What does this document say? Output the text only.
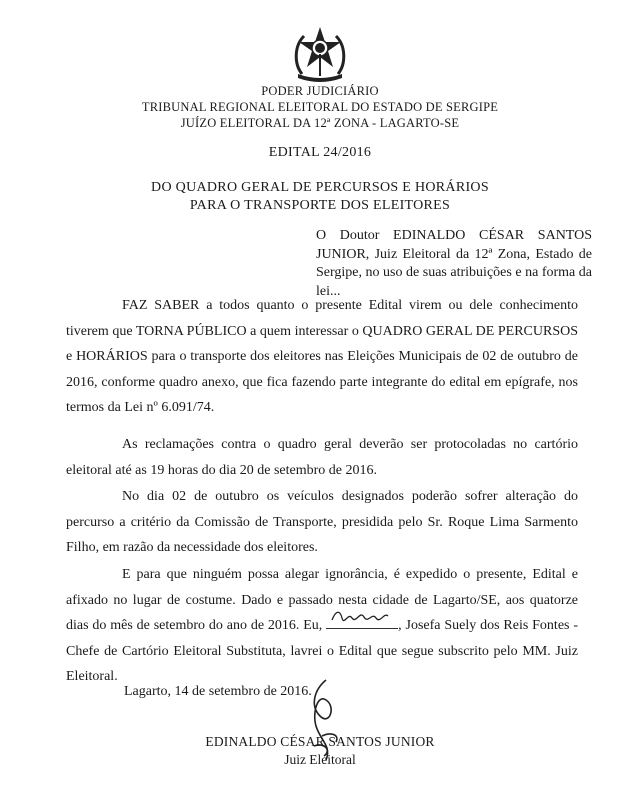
PODER JUDICIÁRIO
TRIBUNAL REGIONAL ELEITORAL DO ESTADO DE SERGIPE
JUÍZO ELEITORAL DA 12ª ZONA - LAGARTO-SE
EDITAL 24/2016
DO QUADRO GERAL DE PERCURSOS E HORÁRIOS
PARA O TRANSPORTE DOS ELEITORES
O Doutor EDINALDO CÉSAR SANTOS JUNIOR, Juiz Eleitoral da 12ª Zona, Estado de Sergipe, no uso de suas atribuições e na forma da lei...
FAZ SABER a todos quanto o presente Edital virem ou dele conhecimento tiverem que TORNA PÚBLICO a quem interessar o QUADRO GERAL DE PERCURSOS e HORÁRIOS para o transporte dos eleitores nas Eleições Municipais de 02 de outubro de 2016, conforme quadro anexo, que fica fazendo parte integrante do edital em epígrafe, nos termos da Lei nº 6.091/74.
As reclamações contra o quadro geral deverão ser protocoladas no cartório eleitoral até as 19 horas do dia 20 de setembro de 2016.
No dia 02 de outubro os veículos designados poderão sofrer alteração do percurso a critério da Comissão de Transporte, presidida pelo Sr. Roque Lima Sarmento Filho, em razão da necessidade dos eleitores.
E para que ninguém possa alegar ignorância, é expedido o presente, Edital e afixado no lugar de costume. Dado e passado nesta cidade de Lagarto/SE, aos quatorze dias do mês de setembro do ano de 2016. Eu,	, Josefa Suely dos Reis Fontes - Chefe de Cartório Eleitoral Substituta, lavrei o Edital que segue subscrito pelo MM. Juiz Eleitoral.
Lagarto, 14 de setembro de 2016.
EDINALDO CÉSAR SANTOS JUNIOR
Juiz Eleitoral
